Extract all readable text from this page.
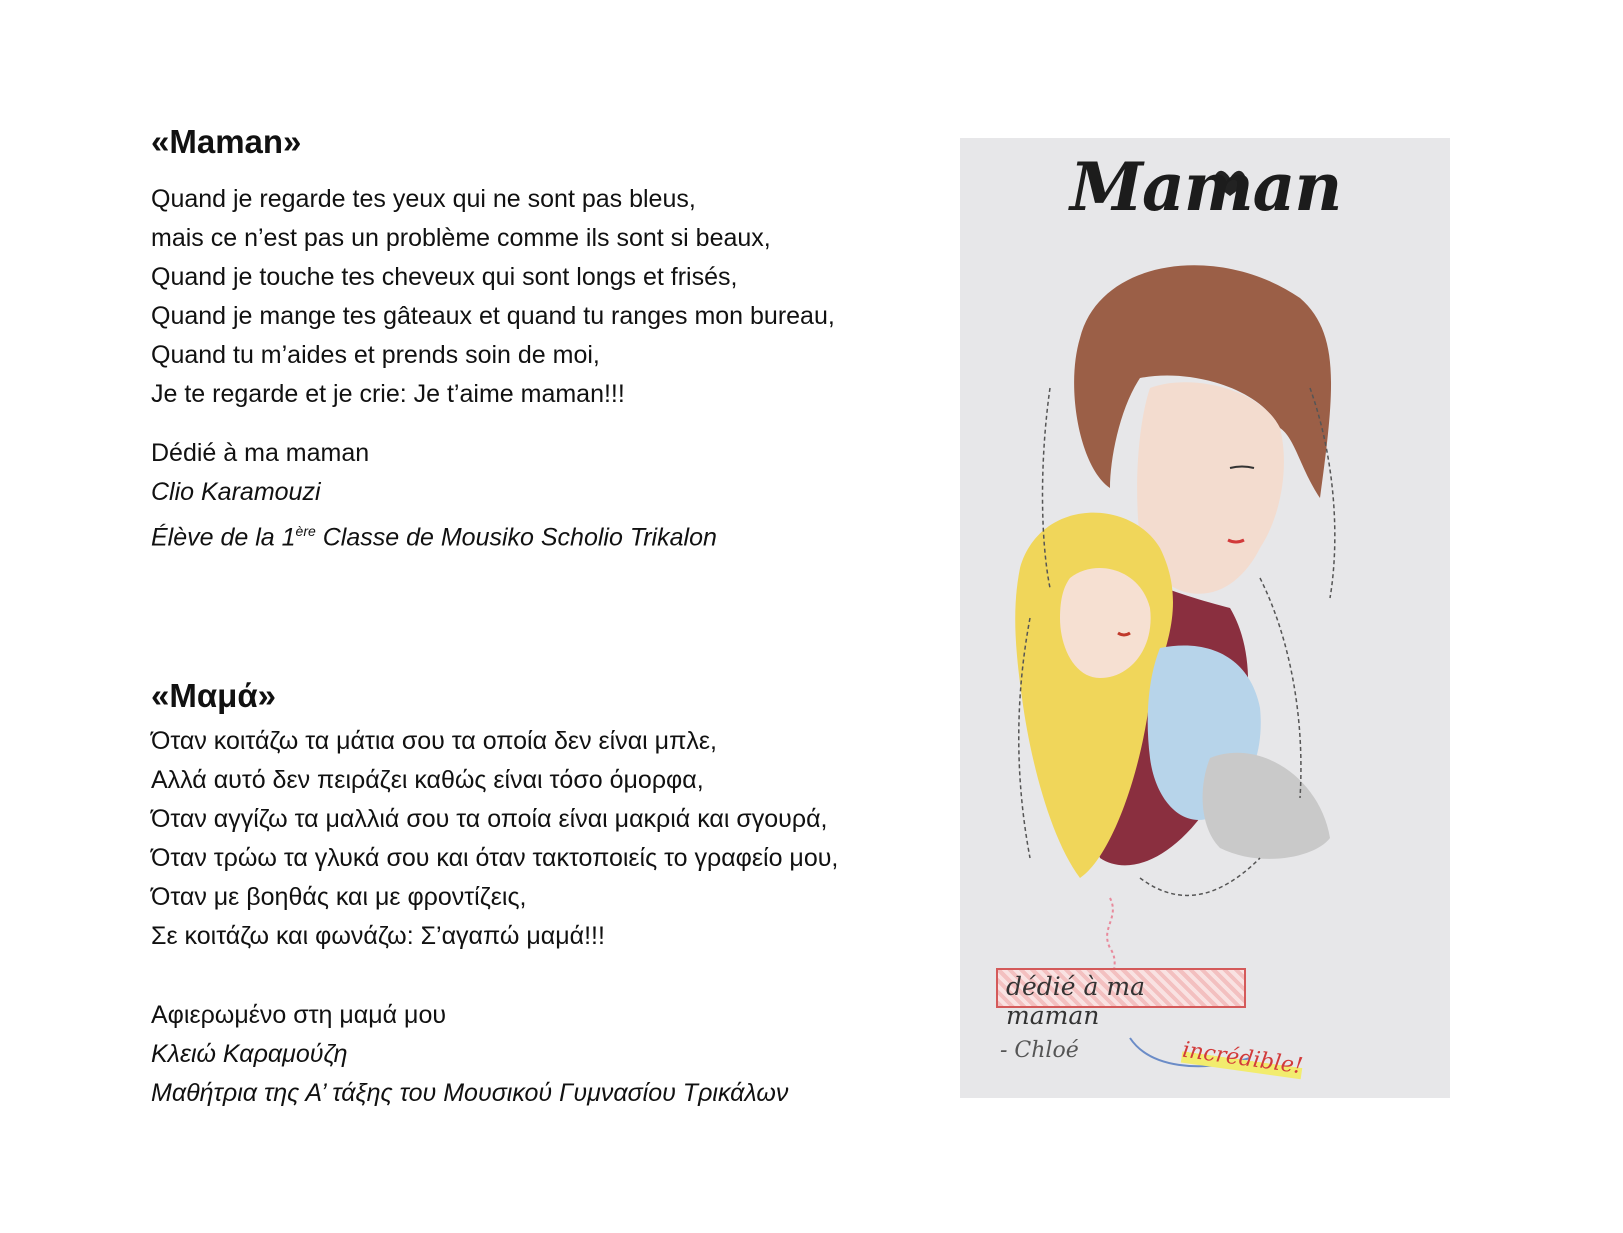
«Maman»
Quand je regarde tes yeux qui ne sont pas bleus,
mais ce n’est pas un problème comme ils sont si beaux,
Quand je touche tes cheveux qui sont longs et frisés,
Quand je mange tes gâteaux et quand tu ranges mon bureau,
Quand tu m’aides et prends soin de moi,
Je te regarde et je crie: Je t’aime maman!!!
Dédié à ma maman
Clio Karamouzi
Élève de la 1ère Classe de Mousiko Scholio Trikalon
«Μαμά»
Όταν κοιτάζω τα μάτια σου τα οποία δεν είναι μπλε,
Αλλά αυτό δεν πειράζει καθώς είναι τόσο όμορφα,
Όταν αγγίζω τα μαλλιά σου τα οποία είναι μακριά και σγουρά,
Όταν τρώω τα γλυκά σου και όταν τακτοποιείς το γραφείο μου,
Όταν με βοηθάς και με φροντίζεις,
Σε κοιτάζω και φωνάζω: Σ’αγαπώ μαμά!!!
Αφιερωμένο στη μαμά μου
Κλειώ Καραμούζη
Μαθήτρια της Α’ τάξης του Μουσικού Γυμνασίου Τρικάλων
Maman
dédié à ma maman
- Chloé	incrédible!
